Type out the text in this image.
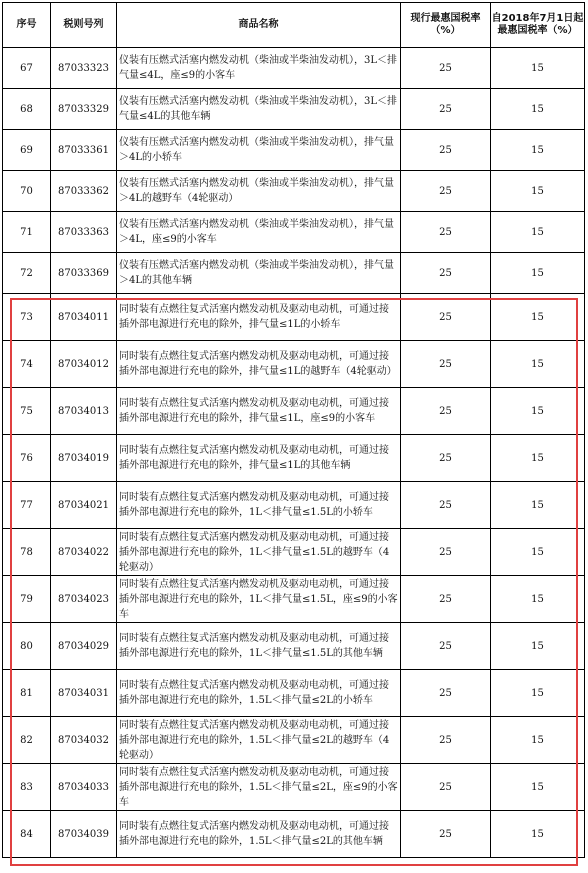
序号	税则号列	商品名称	现行最惠国税率（%）	自2018年7月1日起最惠国税率（%）
67	87033323	仪装有压燃式活塞内燃发动机（柴油或半柴油发动机），3L＜排气量≤4L，座≤9的小客车	25	15
68	87033329	仪装有压燃式活塞内燃发动机（柴油或半柴油发动机），3L＜排气量≤4L的其他车辆	25	15
69	87033361	仪装有压燃式活塞内燃发动机（柴油或半柴油发动机），排气量＞4L的小轿车	25	15
70	87033362	仪装有压燃式活塞内燃发动机（柴油或半柴油发动机），排气量＞4L的越野车（4轮驱动）	25	15
71	87033363	仪装有压燃式活塞内燃发动机（柴油或半柴油发动机），排气量＞4L，座≤9的小客车	25	15
72	87033369	仪装有压燃式活塞内燃发动机（柴油或半柴油发动机），排气量＞4L的其他车辆	25	15
73	87034011	同时装有点燃往复式活塞内燃发动机及驱动电动机，可通过接插外部电源进行充电的除外，排气量≤1L的小轿车	25	15
74	87034012	同时装有点燃往复式活塞内燃发动机及驱动电动机，可通过接插外部电源进行充电的除外，排气量≤1L的越野车（4轮驱动）	25	15
75	87034013	同时装有点燃往复式活塞内燃发动机及驱动电动机，可通过接插外部电源进行充电的除外，排气量≤1L，座≤9的小客车	25	15
76	87034019	同时装有点燃往复式活塞内燃发动机及驱动电动机，可通过接插外部电源进行充电的除外，排气量≤1L的其他车辆	25	15
77	87034021	同时装有点燃往复式活塞内燃发动机及驱动电动机，可通过接插外部电源进行充电的除外，1L＜排气量≤1.5L的小轿车	25	15
78	87034022	同时装有点燃往复式活塞内燃发动机及驱动电动机，可通过接插外部电源进行充电的除外，1L＜排气量≤1.5L的越野车（4轮驱动）	25	15
79	87034023	同时装有点燃往复式活塞内燃发动机及驱动电动机，可通过接插外部电源进行充电的除外，1L＜排气量≤1.5L，座≤9的小客车	25	15
80	87034029	同时装有点燃往复式活塞内燃发动机及驱动电动机，可通过接插外部电源进行充电的除外，1L＜排气量≤1.5L的其他车辆	25	15
81	87034031	同时装有点燃往复式活塞内燃发动机及驱动电动机，可通过接插外部电源进行充电的除外，1.5L＜排气量≤2L的小轿车	25	15
82	87034032	同时装有点燃往复式活塞内燃发动机及驱动电动机，可通过接插外部电源进行充电的除外，1.5L＜排气量≤2L的越野车（4轮驱动）	25	15
83	87034033	同时装有点燃往复式活塞内燃发动机及驱动电动机，可通过接插外部电源进行充电的除外，1.5L＜排气量≤2L，座≤9的小客车	25	15
84	87034039	同时装有点燃往复式活塞内燃发动机及驱动电动机，可通过接插外部电源进行充电的除外，1.5L＜排气量≤2L的其他车辆	25	15
